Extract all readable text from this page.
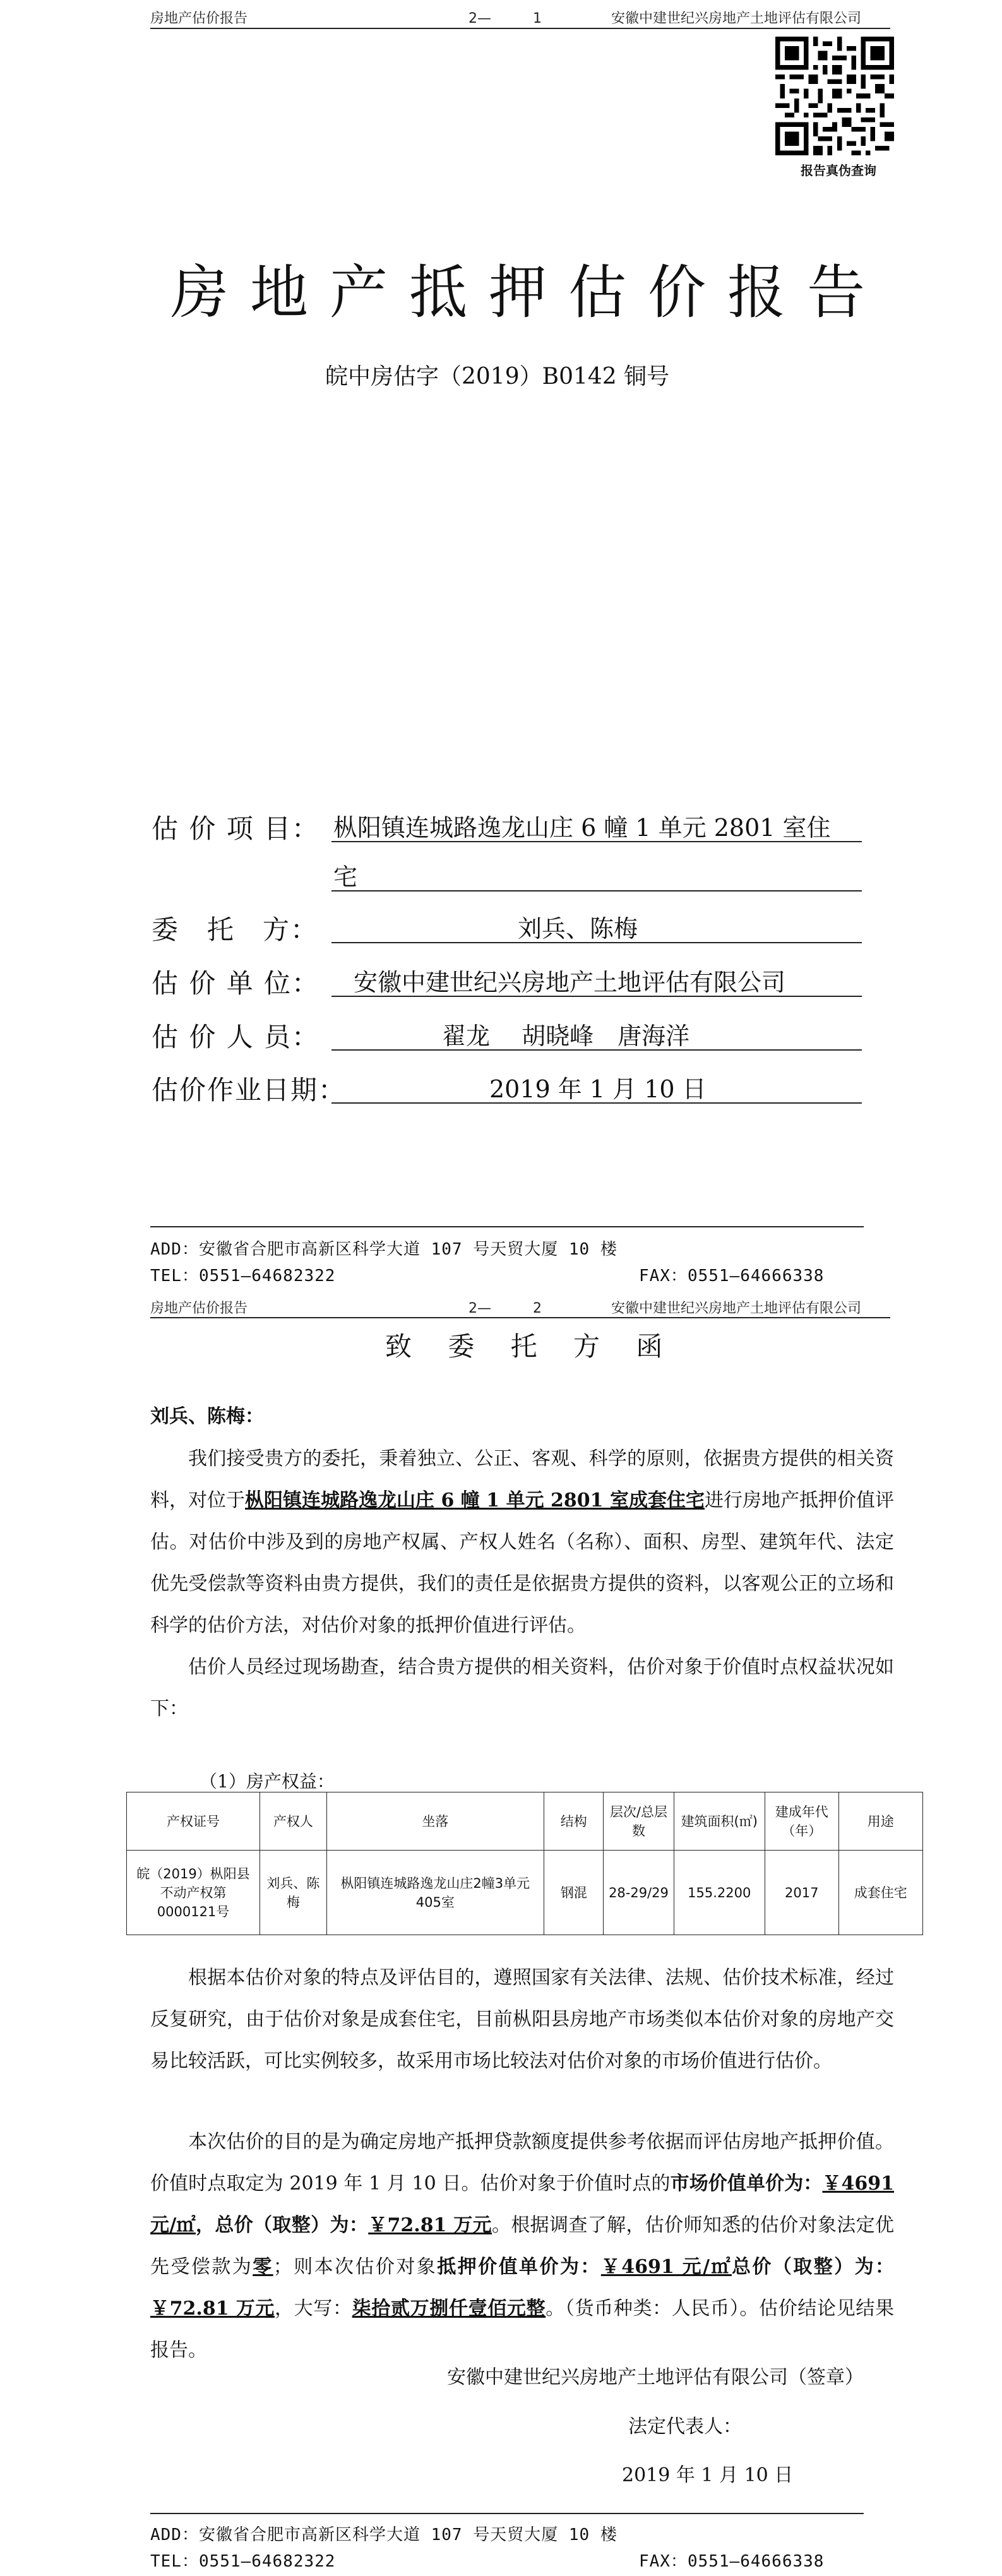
房地产估价报告	2—　　　1	安徽中建世纪兴房地产土地评估有限公司
报告真伪查询
房地产抵押估价报告
皖中房估字（2019）B0142 铜号
估 价 项 目： 枞阳镇连城路逸龙山庄 6 幢 1 单元 2801 室住
宅
委　托　方：	刘兵、陈梅
估 价 单 位： 安徽中建世纪兴房地产土地评估有限公司
估 价 人 员：	翟龙　 胡晓峰　唐海洋
估价作业日期：	2019 年 1 月 10 日
ADD：安徽省合肥市高新区科学大道 107 号天贸大厦 10 楼
TEL：0551—64682322	FAX：0551—64666338
房地产估价报告	2—　　　2	安徽中建世纪兴房地产土地评估有限公司
致 委 托 方 函
刘兵、陈梅：
我们接受贵方的委托，秉着独立、公正、客观、科学的原则，依据贵方提供的相关资料，对位于枞阳镇连城路逸龙山庄 6 幢 1 单元 2801 室成套住宅进行房地产抵押价值评估。对估价中涉及到的房地产权属、产权人姓名（名称）、面积、房型、建筑年代、法定优先受偿款等资料由贵方提供，我们的责任是依据贵方提供的资料，以客观公正的立场和科学的估价方法，对估价对象的抵押价值进行评估。
估价人员经过现场勘查，结合贵方提供的相关资料，估价对象于价值时点权益状况如下：
（1）房产权益：
产权证号	产权人	坐落	结构	层次/总层数	建筑面积(㎡)	建成年代（年）	用途
皖（2019）枞阳县不动产权第0000121号	刘兵、陈梅	枞阳镇连城路逸龙山庄2幢3单元405室	钢混	28-29/29	155.2200	2017	成套住宅
根据本估价对象的特点及评估目的，遵照国家有关法律、法规、估价技术标准，经过反复研究，由于估价对象是成套住宅，目前枞阳县房地产市场类似本估价对象的房地产交易比较活跃，可比实例较多，故采用市场比较法对估价对象的市场价值进行估价。
本次估价的目的是为确定房地产抵押贷款额度提供参考依据而评估房地产抵押价值。价值时点取定为 2019 年 1 月 10 日。估价对象于价值时点的市场价值单价为：￥4691 元/㎡，总价（取整）为：￥72.81 万元。根据调查了解，估价师知悉的估价对象法定优先受偿款为零；则本次估价对象抵押价值单价为：￥4691 元/㎡总价（取整）为：￥72.81 万元，大写：柒拾贰万捌仟壹佰元整。（货币种类：人民币）。估价结论见结果报告。
安徽中建世纪兴房地产土地评估有限公司（签章）
法定代表人：
2019 年 1 月 10 日
ADD：安徽省合肥市高新区科学大道 107 号天贸大厦 10 楼
TEL：0551—64682322	FAX：0551—64666338
